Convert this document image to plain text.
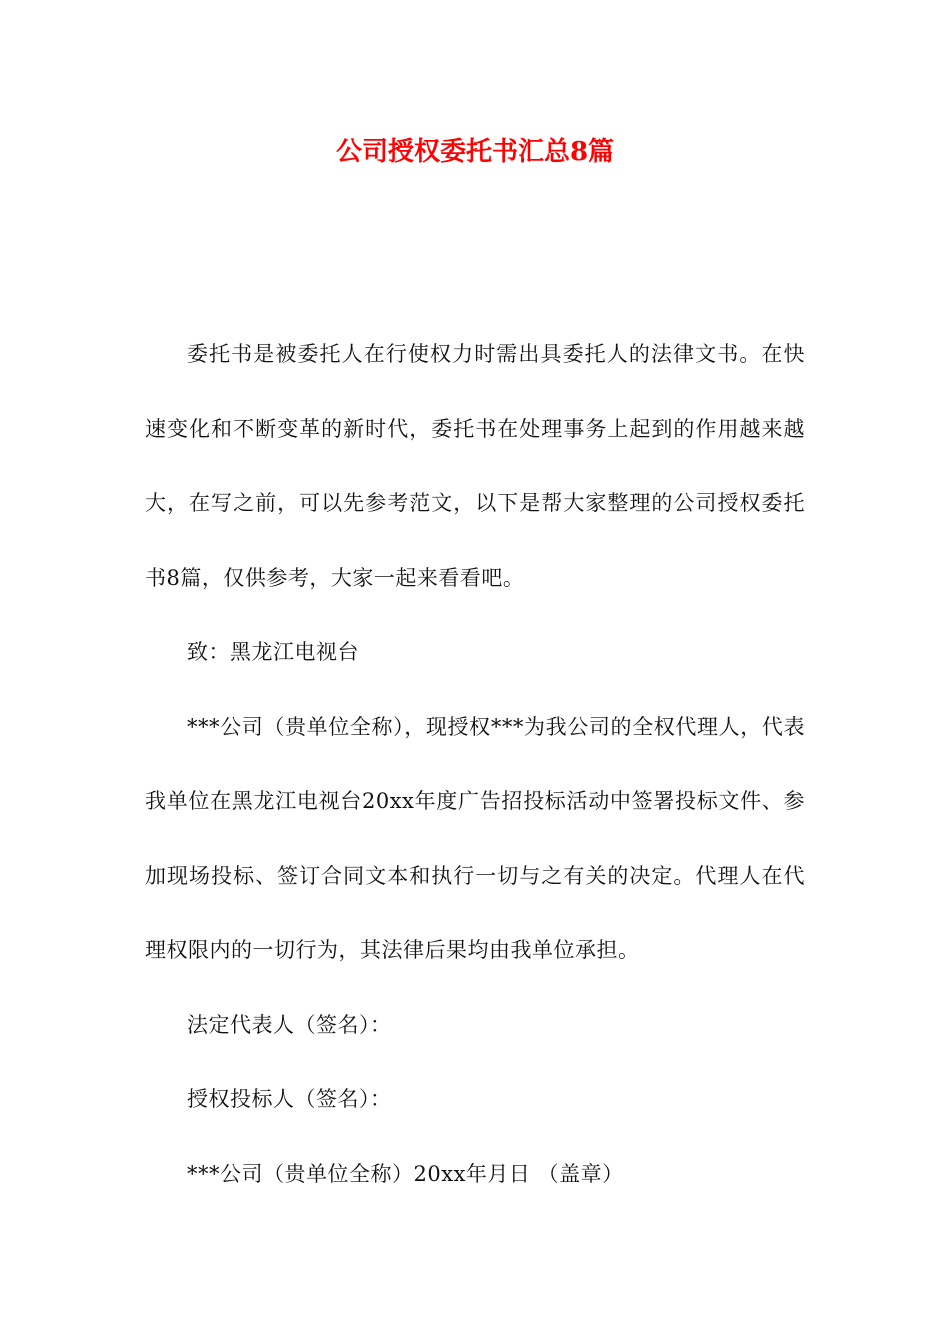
公司授权委托书汇总8篇

委托书是被委托人在行使权力时需出具委托人的法律文书。在快速变化和不断变革的新时代，委托书在处理事务上起到的作用越来越大，在写之前，可以先参考范文，以下是帮大家整理的公司授权委托书8篇，仅供参考，大家一起来看看吧。

致：黑龙江电视台

***公司（贵单位全称），现授权***为我公司的全权代理人，代表我单位在黑龙江电视台20xx年度广告招投标活动中签署投标文件、参加现场投标、签订合同文本和执行一切与之有关的决定。代理人在代理权限内的一切行为，其法律后果均由我单位承担。

法定代表人（签名）：

授权投标人（签名）：

***公司（贵单位全称）20xx年月日 （盖章）
